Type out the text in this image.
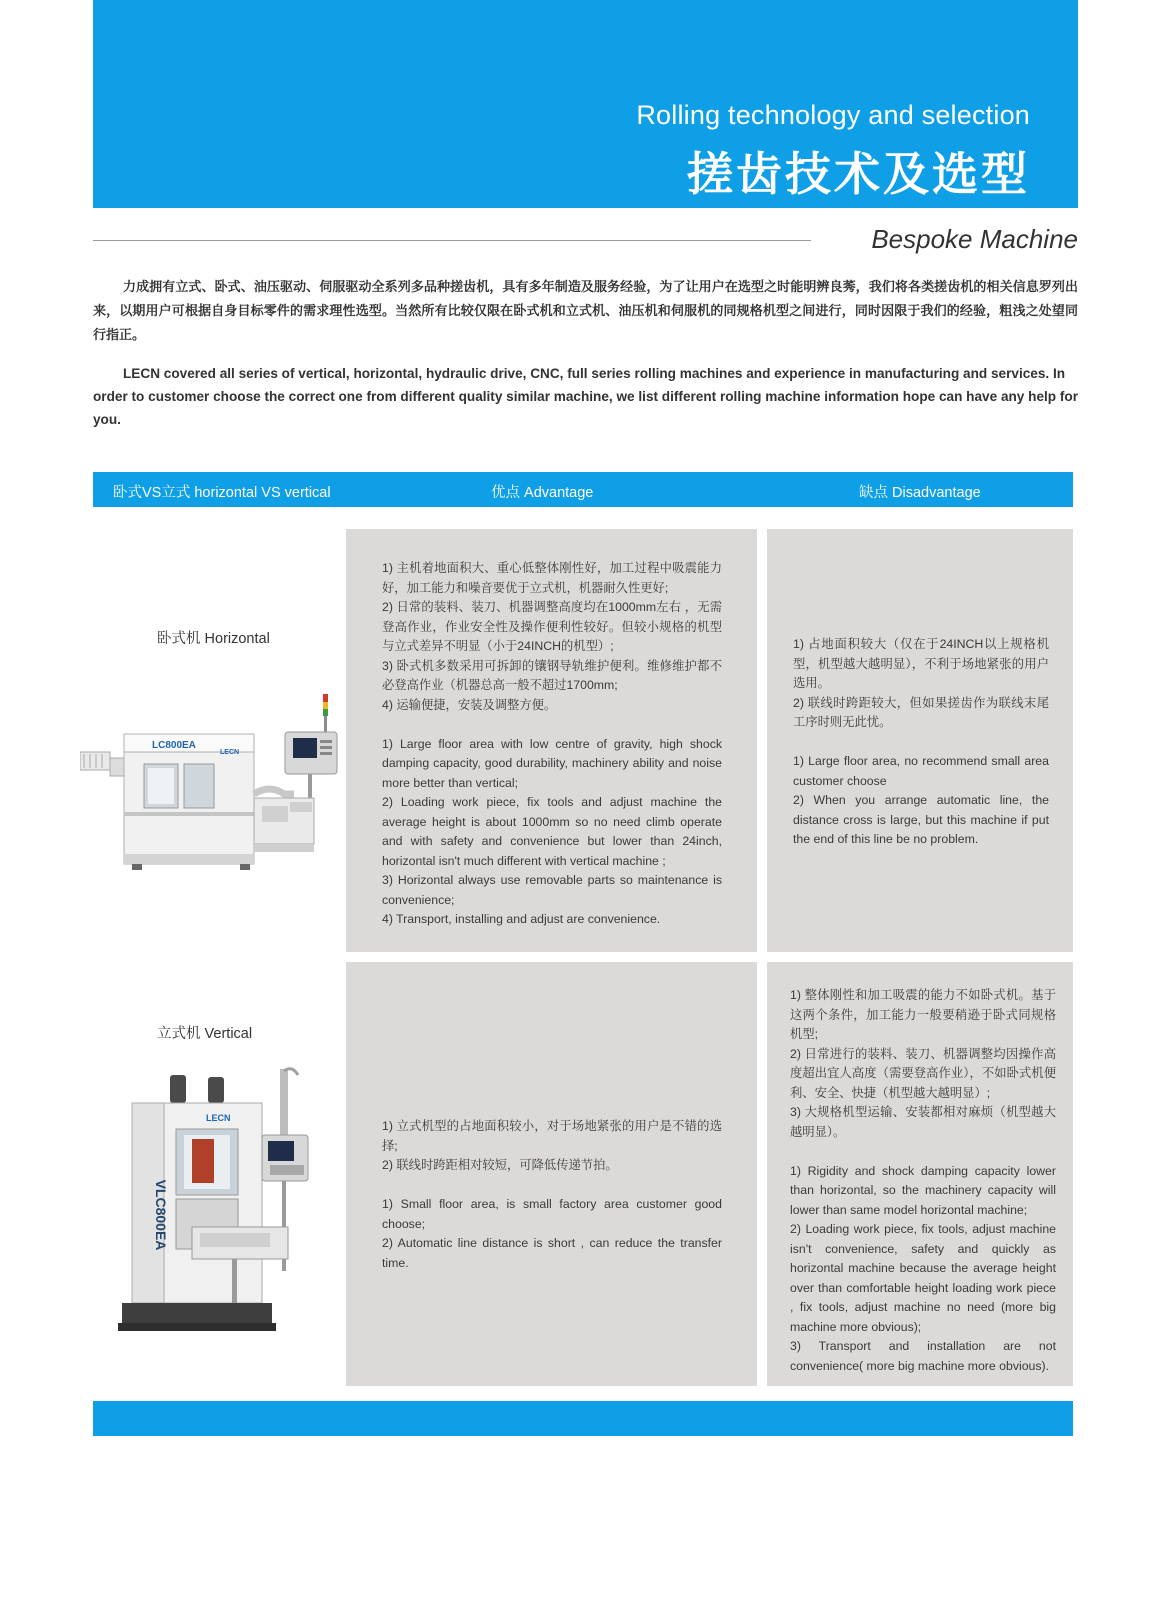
Rolling technology and selection
搓齿技术及选型
Bespoke Machine
力成拥有立式、卧式、油压驱动、伺服驱动全系列多品种搓齿机，具有多年制造及服务经验，为了让用户在选型之时能明辨良莠，我们将各类搓齿机的相关信息罗列出来，以期用户可根据自身目标零件的需求理性选型。当然所有比较仅限在卧式机和立式机、油压机和伺服机的同规格机型之间进行，同时因限于我们的经验，粗浅之处望同行指正。
LECN covered all series of vertical, horizontal, hydraulic drive, CNC, full series rolling machines and experience in manufacturing and services. In order to customer choose the correct one from different quality similar machine, we list different rolling machine information hope can have any help for you.
卧式VS立式 horizontal VS vertical	优点 Advantage	缺点 Disadvantage
卧式机 Horizontal
LC800EA
LECN

1) 主机着地面积大、重心低整体刚性好，加工过程中吸震能力好，加工能力和噪音要优于立式机，机器耐久性更好;

2) 日常的装料、装刀、机器调整高度均在1000mm左右 ，无需登高作业，作业安全性及操作便利性较好。但较小规格的机型与立式差异不明显（小于24INCH的机型）;

3) 卧式机多数采用可拆卸的镶钢导轨维护便利。维修维护都不必登高作业（机器总高一般不超过1700mm;

4) 运输便捷，安装及调整方便。

1) Large floor area with low centre of gravity, high shock damping capacity, good durability, machinery ability and noise more better than vertical;

2) Loading work piece, fix tools and adjust machine the average height is about 1000mm so no need climb operate and with safety and convenience but lower than 24inch, horizontal isn't much different with vertical machine ;

3) Horizontal always use removable parts so maintenance is convenience;

4) Transport, installing and adjust are convenience.

1) 占地面积较大（仅在于24INCH以上规格机型，机型越大越明显），不利于场地紧张的用户选用。

2) 联线时跨距较大，但如果搓齿作为联线末尾工序时则无此忧。

1) Large floor area, no recommend small area customer choose

2) When you arrange automatic line, the distance cross is large, but this machine if put the end of this line be no problem.

立式机 Vertical
VLC800EA
LECN

1) 立式机型的占地面积较小，对于场地紧张的用户是不错的选择;

2) 联线时跨距相对较短，可降低传递节拍。

1) Small floor area, is small factory area customer good choose;

2) Automatic line distance is short , can reduce the transfer time.

1) 整体刚性和加工吸震的能力不如卧式机。基于这两个条件，加工能力一般要稍逊于卧式同规格机型;

2) 日常进行的装料、装刀、机器调整均因操作高度超出宜人高度（需要登高作业），不如卧式机便利、安全、快捷（机型越大越明显）;

3) 大规格机型运输、安装都相对麻烦（机型越大越明显）。

1) Rigidity and shock damping capacity lower than horizontal, so the machinery capacity will lower than same model horizontal machine;

2) Loading work piece, fix tools, adjust machine isn't convenience, safety and quickly as horizontal machine because the average height over than comfortable height loading work piece , fix tools, adjust machine no need (more big machine more obvious);

3) Transport and installation are not convenience( more big machine more obvious).
